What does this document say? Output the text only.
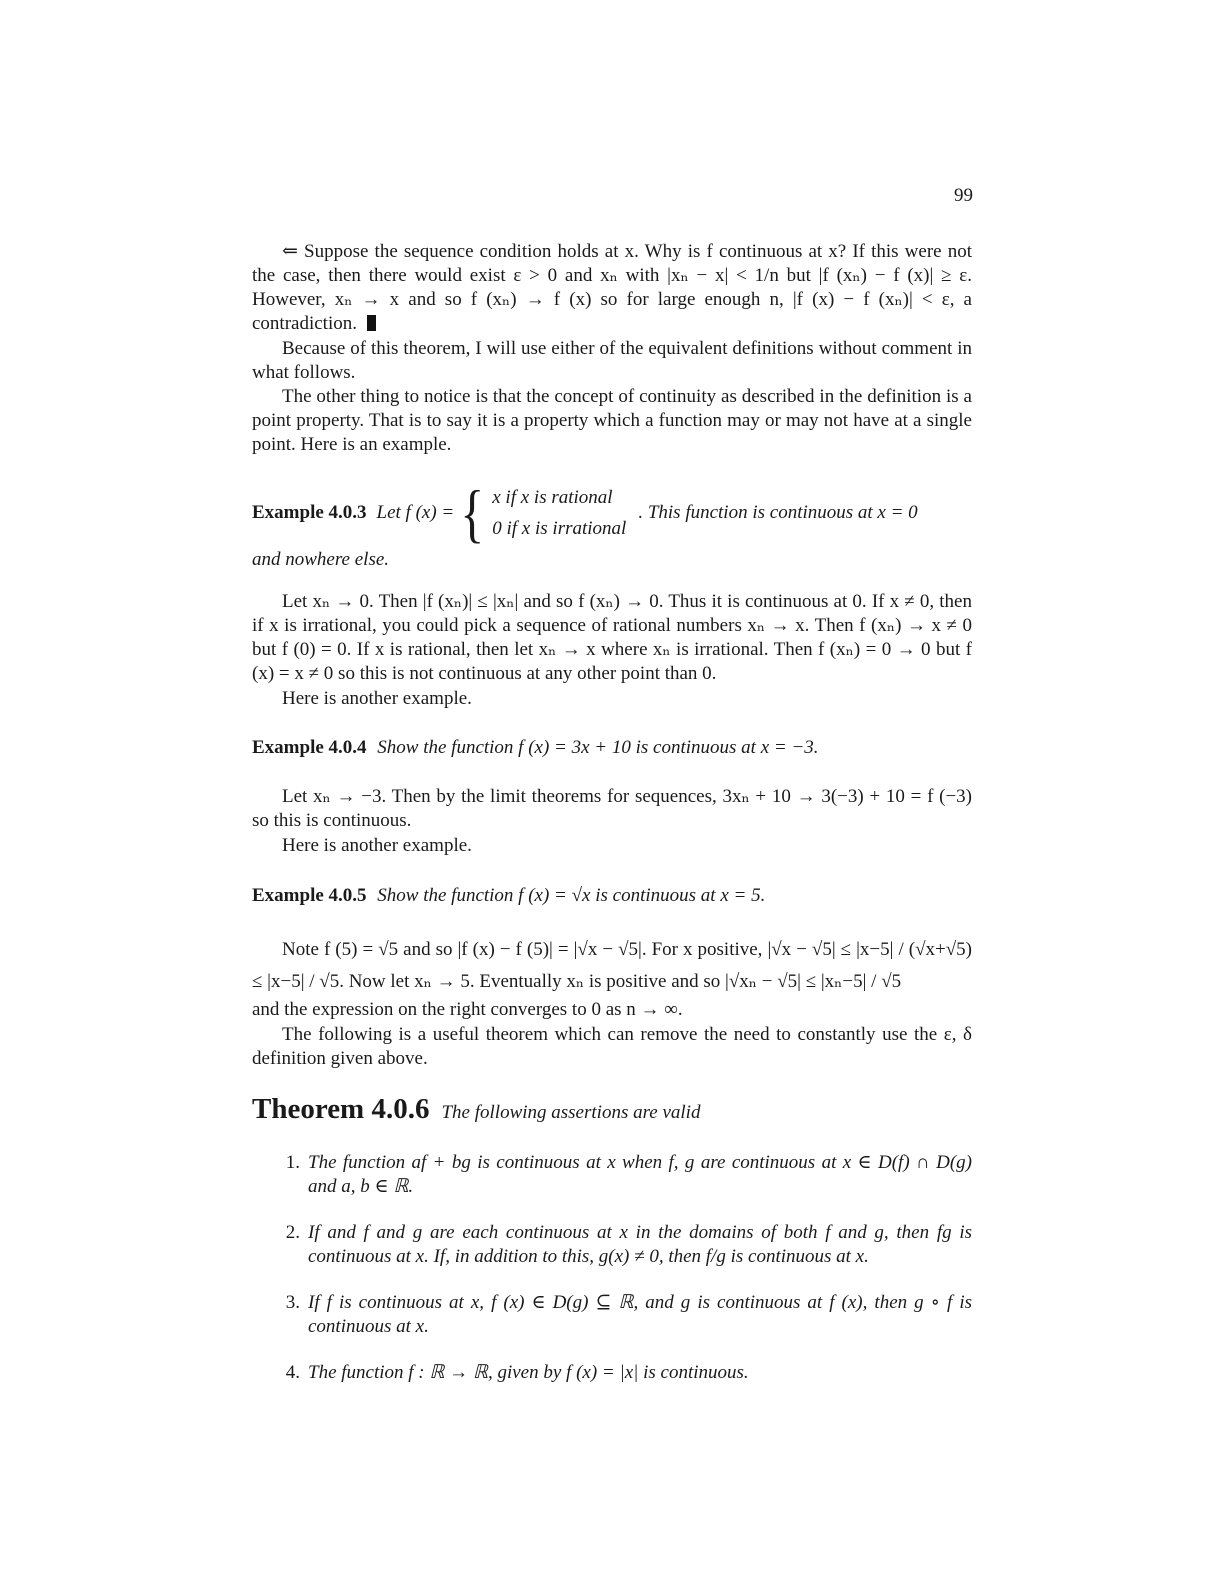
99

⇐ Suppose the sequence condition holds at x. Why is f continuous at x? If this were not the case, then there would exist ε > 0 and xₙ with |xₙ − x| < 1/n but |f (xₙ) − f (x)| ≥ ε. However, xₙ → x and so f (xₙ) → f (x) so for large enough n, |f (x) − f (xₙ)| < ε, a contradiction.

Because of this theorem, I will use either of the equivalent definitions without comment in what follows.

The other thing to notice is that the concept of continuity as described in the definition is a point property. That is to say it is a property which a function may or may not have at a single point. Here is an example.

Example 4.0.3 Let f (x) = { x if x is rational
0 if x is irrational
. This function is continuous at x = 0
and nowhere else.

Let xₙ → 0. Then |f (xₙ)| ≤ |xₙ| and so f (xₙ) → 0. Thus it is continuous at 0. If x ≠ 0, then if x is irrational, you could pick a sequence of rational numbers xₙ → x. Then f (xₙ) → x ≠ 0 but f (0) = 0. If x is rational, then let xₙ → x where xₙ is irrational. Then f (xₙ) = 0 → 0 but f (x) = x ≠ 0 so this is not continuous at any other point than 0.

Here is another example.

Example 4.0.4 Show the function f (x) = 3x + 10 is continuous at x = −3.

Let xₙ → −3. Then by the limit theorems for sequences, 3xₙ + 10 → 3(−3) + 10 = f (−3) so this is continuous.

Here is another example.

Example 4.0.5 Show the function f (x) = √x is continuous at x = 5.

Note f (5) = √5 and so |f (x) − f (5)| = |√x − √5|. For x positive, |√x − √5| ≤ |x−5| / (√x+√5) ≤ |x−5| / √5. Now let xₙ → 5. Eventually xₙ is positive and so |√xₙ − √5| ≤ |xₙ−5| / √5

and the expression on the right converges to 0 as n → ∞.

The following is a useful theorem which can remove the need to constantly use the ε, δ definition given above.

Theorem 4.0.6 The following assertions are valid
1. The function af + bg is continuous at x when f, g are continuous at x ∈ D(f) ∩ D(g) and a, b ∈ ℝ.
2. If and f and g are each continuous at x in the domains of both f and g, then fg is continuous at x. If, in addition to this, g(x) ≠ 0, then f/g is continuous at x.
3. If f is continuous at x, f (x) ∈ D(g) ⊆ ℝ, and g is continuous at f (x), then g ∘ f is continuous at x.
4. The function f : ℝ → ℝ, given by f (x) = |x| is continuous.
